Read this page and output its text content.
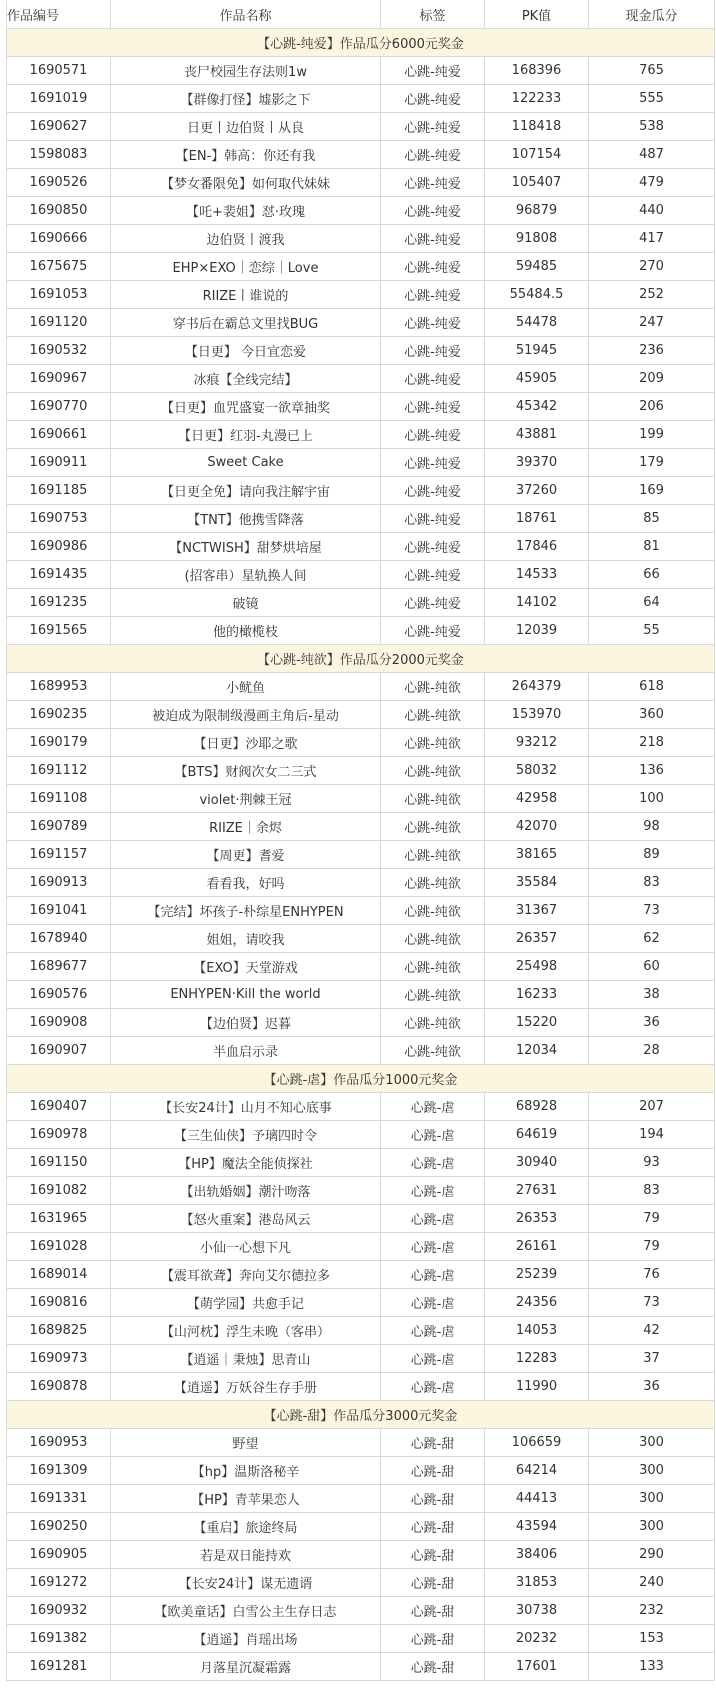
作品编号	作品名称	标签	PK值	现金瓜分
【心跳-纯爱】作品瓜分6000元奖金				
1690571	丧尸校园生存法则1w	心跳-纯爱	168396	765
1691019	【群像打怪】墟影之下	心跳-纯爱	122233	555
1690627	日更丨边伯贤丨从良	心跳-纯爱	118418	538
1598083	【EN-】韩高：你还有我	心跳-纯爱	107154	487
1690526	【梦女番限免】如何取代妹妹	心跳-纯爱	105407	479
1690850	【吒+裴姐】怼·玫瑰	心跳-纯爱	96879	440
1690666	边伯贤丨渡我	心跳-纯爱	91808	417
1675675	EHP×EXO｜恋综｜Love	心跳-纯爱	59485	270
1691053	RIIZE丨谁说的	心跳-纯爱	55484.5	252
1691120	穿书后在霸总文里找BUG	心跳-纯爱	54478	247
1690532	【日更】 今日宜恋爱	心跳-纯爱	51945	236
1690967	冰痕【全线完结】	心跳-纯爱	45905	209
1690770	【日更】血咒盛宴一欲章抽奖	心跳-纯爱	45342	206
1690661	【日更】红羽-丸漫已上	心跳-纯爱	43881	199
1690911	Sweet Cake	心跳-纯爱	39370	179
1691185	【日更全免】请向我注解宇宙	心跳-纯爱	37260	169
1690753	【TNT】他携雪降落	心跳-纯爱	18761	85
1690986	【NCTWISH】甜梦烘培屋	心跳-纯爱	17846	81
1691435	(招客串）星轨换人间	心跳-纯爱	14533	66
1691235	破镜	心跳-纯爱	14102	64
1691565	他的橄榄枝	心跳-纯爱	12039	55
【心跳-纯欲】作品瓜分2000元奖金				
1689953	小鱿鱼	心跳-纯欲	264379	618
1690235	被迫成为限制级漫画主角后-星动	心跳-纯欲	153970	360
1690179	【日更】沙耶之歌	心跳-纯欲	93212	218
1691112	【BTS】财阀次女二三式	心跳-纯欲	58032	136
1691108	violet·荆棘王冠	心跳-纯欲	42958	100
1690789	RIIZE｜余烬	心跳-纯欲	42070	98
1691157	【周更】耆爱	心跳-纯欲	38165	89
1690913	看看我，好吗	心跳-纯欲	35584	83
1691041	【完结】坏孩子-朴综星ENHYPEN	心跳-纯欲	31367	73
1678940	姐姐，请咬我	心跳-纯欲	26357	62
1689677	【EXO】天堂游戏	心跳-纯欲	25498	60
1690576	ENHYPEN·Kill the world	心跳-纯欲	16233	38
1690908	【边伯贤】迟暮	心跳-纯欲	15220	36
1690907	半血启示录	心跳-纯欲	12034	28
【心跳-虐】作品瓜分1000元奖金				
1690407	【长安24计】山月不知心底事	心跳-虐	68928	207
1690978	【三生仙侠】予璃四时令	心跳-虐	64619	194
1691150	【HP】魔法全能侦探社	心跳-虐	30940	93
1691082	【出轨婚姻】潮汁吻落	心跳-虐	27631	83
1631965	【怒火重案】港岛风云	心跳-虐	26353	79
1691028	小仙一心想下凡	心跳-虐	26161	79
1689014	【震耳欲聋】奔向艾尔德拉多	心跳-虐	25239	76
1690816	【萌学园】共愈手记	心跳-虐	24356	73
1689825	【山河枕】浮生未晚（客串）	心跳-虐	14053	42
1690973	【逍遥｜秉烛】思青山	心跳-虐	12283	37
1690878	【逍遥】万妖谷生存手册	心跳-虐	11990	36
【心跳-甜】作品瓜分3000元奖金				
1690953	野望	心跳-甜	106659	300
1691309	【hp】温斯洛秘辛	心跳-甜	64214	300
1691331	【HP】青苹果恋人	心跳-甜	44413	300
1690250	【重启】旅途终局	心跳-甜	43594	300
1690905	若是双日能持欢	心跳-甜	38406	290
1691272	【长安24计】谋无遗谞	心跳-甜	31853	240
1690932	【欧美童话】白雪公主生存日志	心跳-甜	30738	232
1691382	【逍遥】肖瑶出场	心跳-甜	20232	153
1691281	月落星沉凝霜露	心跳-甜	17601	133
